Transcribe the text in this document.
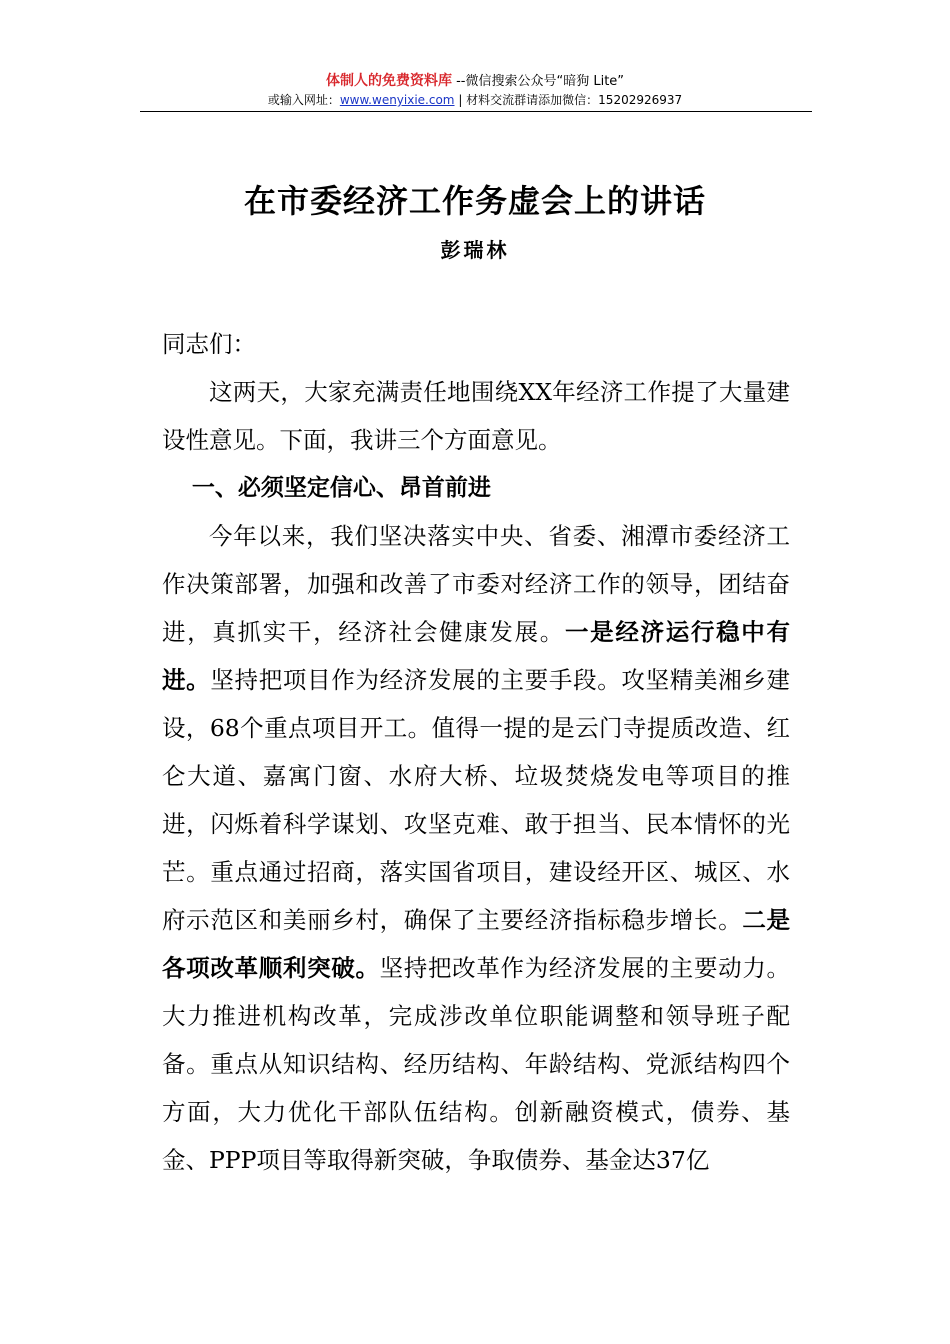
体制人的免费资料库 --微信搜索公众号“暗狗 Lite”
或输入网址：www.wenyixie.com | 材料交流群请添加微信：15202926937
在市委经济工作务虚会上的讲话
彭瑞林

同志们：

这两天，大家充满责任地围绕XX年经济工作提了大量建设性意见。下面，我讲三个方面意见。

一、必须坚定信心、昂首前进

今年以来，我们坚决落实中央、省委、湘潭市委经济工作决策部署，加强和改善了市委对经济工作的领导，团结奋进，真抓实干，经济社会健康发展。一是经济运行稳中有进。坚持把项目作为经济发展的主要手段。攻坚精美湘乡建设，68个重点项目开工。值得一提的是云门寺提质改造、红仑大道、嘉寓门窗、水府大桥、垃圾焚烧发电等项目的推进，闪烁着科学谋划、攻坚克难、敢于担当、民本情怀的光芒。重点通过招商，落实国省项目，建设经开区、城区、水府示范区和美丽乡村，确保了主要经济指标稳步增长。二是各项改革顺利突破。坚持把改革作为经济发展的主要动力。大力推进机构改革，完成涉改单位职能调整和领导班子配备。重点从知识结构、经历结构、年龄结构、党派结构四个方面，大力优化干部队伍结构。创新融资模式，债券、基金、PPP项目等取得新突破，争取债券、基金达37亿
